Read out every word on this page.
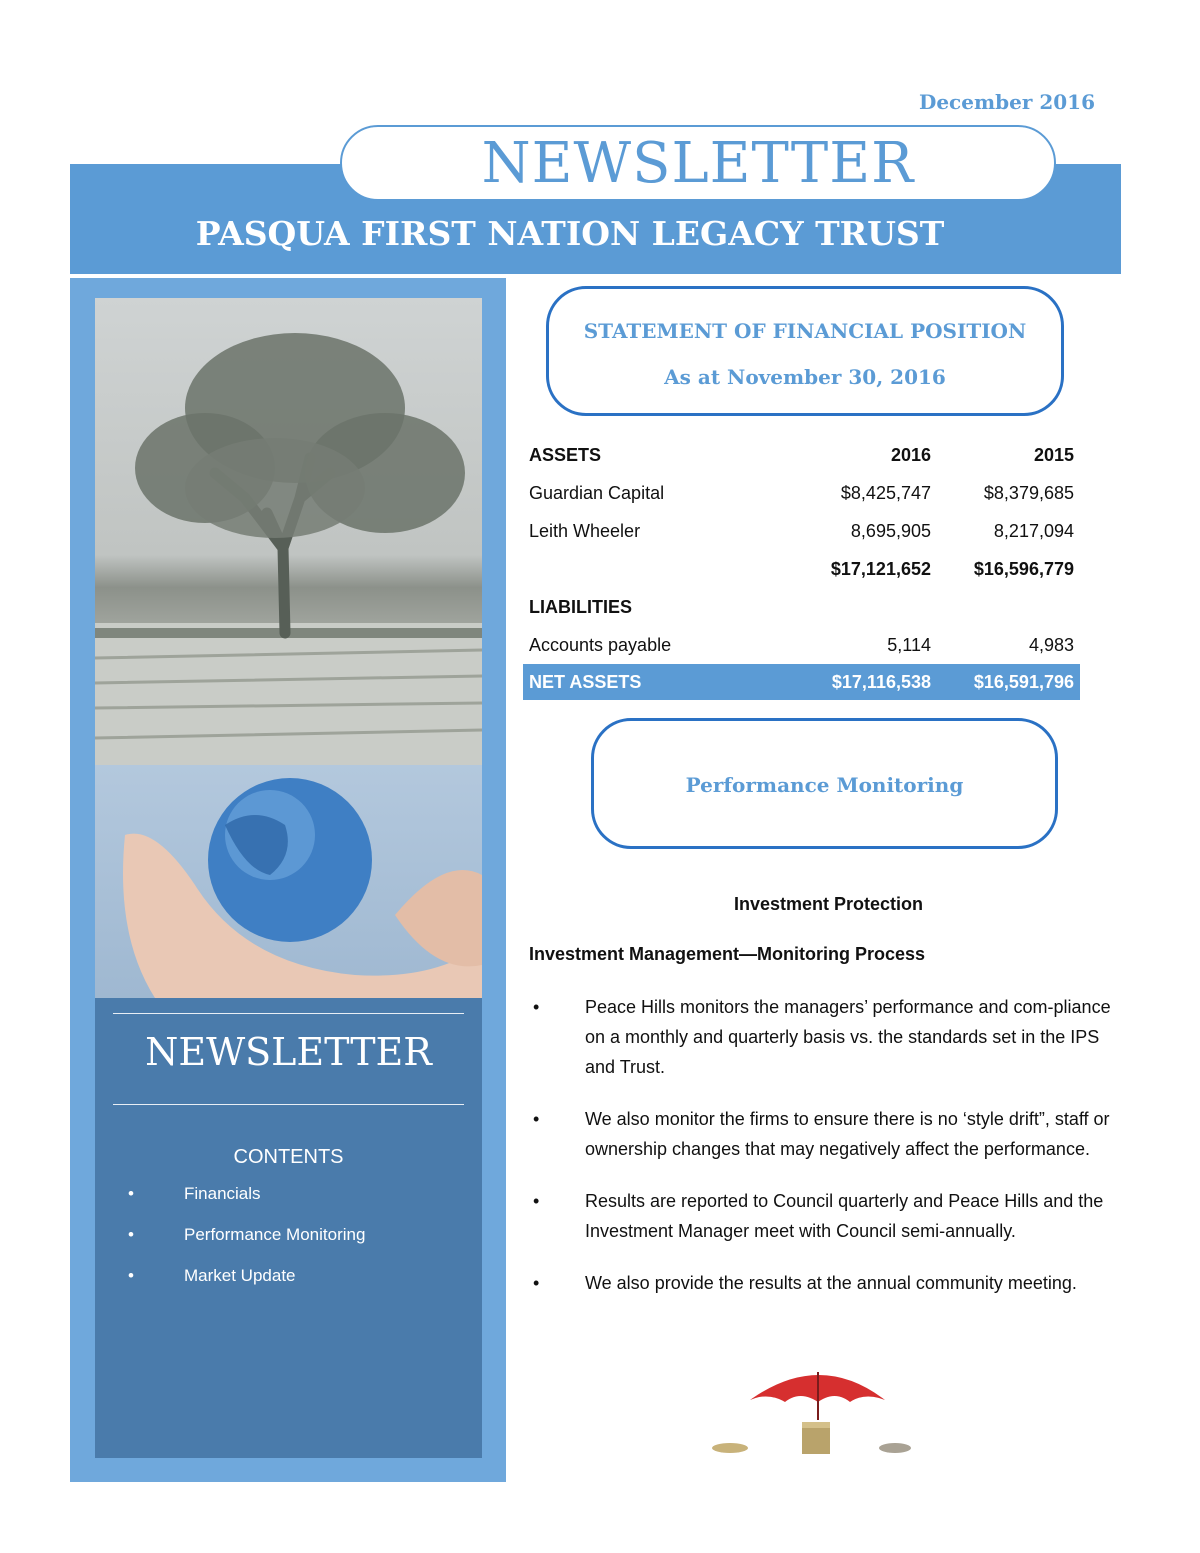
December 2016
NEWSLETTER
PASQUA FIRST NATION LEGACY TRUST
NEWSLETTER
CONTENTS
• Financials
• Performance Monitoring
• Market Update
STATEMENT OF FINANCIAL POSITION
As at November 30, 2016
ASSETS	2016	2015
Guardian Capital	$8,425,747	$8,379,685
Leith Wheeler	8,695,905	8,217,094
	$17,121,652	$16,596,779
LIABILITIES		
Accounts payable	5,114	4,983
NET ASSETS	$17,116,538	$16,591,796
Performance Monitoring
Investment Protection
Investment Management—Monitoring Process
• Peace Hills monitors the managers’ performance and com-pliance on a monthly and quarterly basis vs. the standards set in the IPS and Trust.
• We also monitor the firms to ensure there is no ‘style drift”, staff or ownership changes that may negatively affect the performance.
• Results are reported to Council quarterly and Peace Hills and the Investment Manager meet with Council semi-annually.
• We also provide the results at the annual community meeting.
